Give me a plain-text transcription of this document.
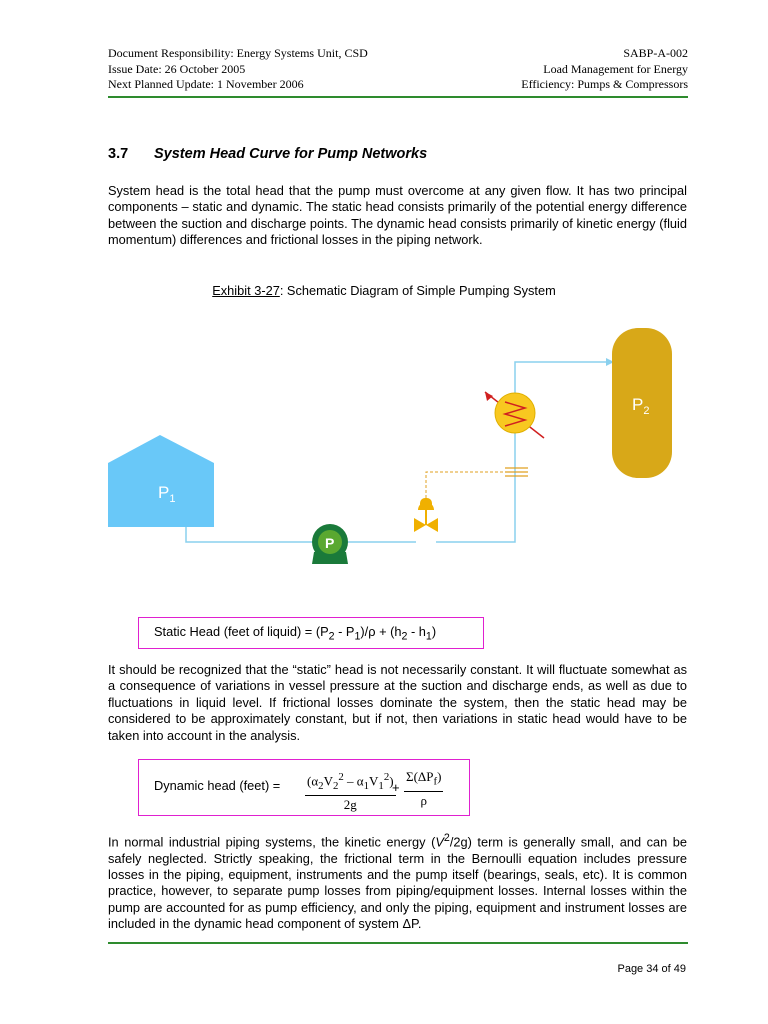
Document Responsibility: Energy Systems Unit, CSD
Issue Date: 26 October 2005
Next Planned Update: 1 November 2006
SABP-A-002
Load Management for Energy
Efficiency: Pumps & Compressors
3.7 System Head Curve for Pump Networks

System head is the total head that the pump must overcome at any given flow. It has two principal components – static and dynamic. The static head consists primarily of the potential energy difference between the suction and discharge points. The dynamic head consists primarily of kinetic energy (fluid momentum) differences and frictional losses in the piping network.

Exhibit 3-27: Schematic Diagram of Simple Pumping System
$P_1$
$P_2$
P
Static Head (feet of liquid) = $(P_2 - P_1)/\rho + (h_2 - h_1)$

It should be recognized that the “static” head is not necessarily constant. It will fluctuate somewhat as a consequence of variations in vessel pressure at the suction and discharge ends, as well as due to fluctuations in liquid level. If frictional losses dominate the system, then the static head may be considered to be approximately constant, but if not, then variations in static head would have to be taken into account in the analysis.

Dynamic head (feet) = $\frac{(\alpha_2V_2^2 - \alpha_1V_1^2)}{2g}$
+
$\Sigma(\Delta P_f)$
ρ

In normal industrial piping systems, the kinetic energy $(V^2/2g)$ term is generally small, and can be safely neglected. Strictly speaking, the frictional term in the Bernoulli equation includes pressure losses in the piping, equipment, instruments and the pump itself (bearings, seals, etc). It is common practice, however, to separate pump losses from piping/equipment losses. Internal losses within the pump are accounted for as pump efficiency, and only the piping, equipment and instrument losses are included in the dynamic head component of system ΔP.

Page 34 of 49
